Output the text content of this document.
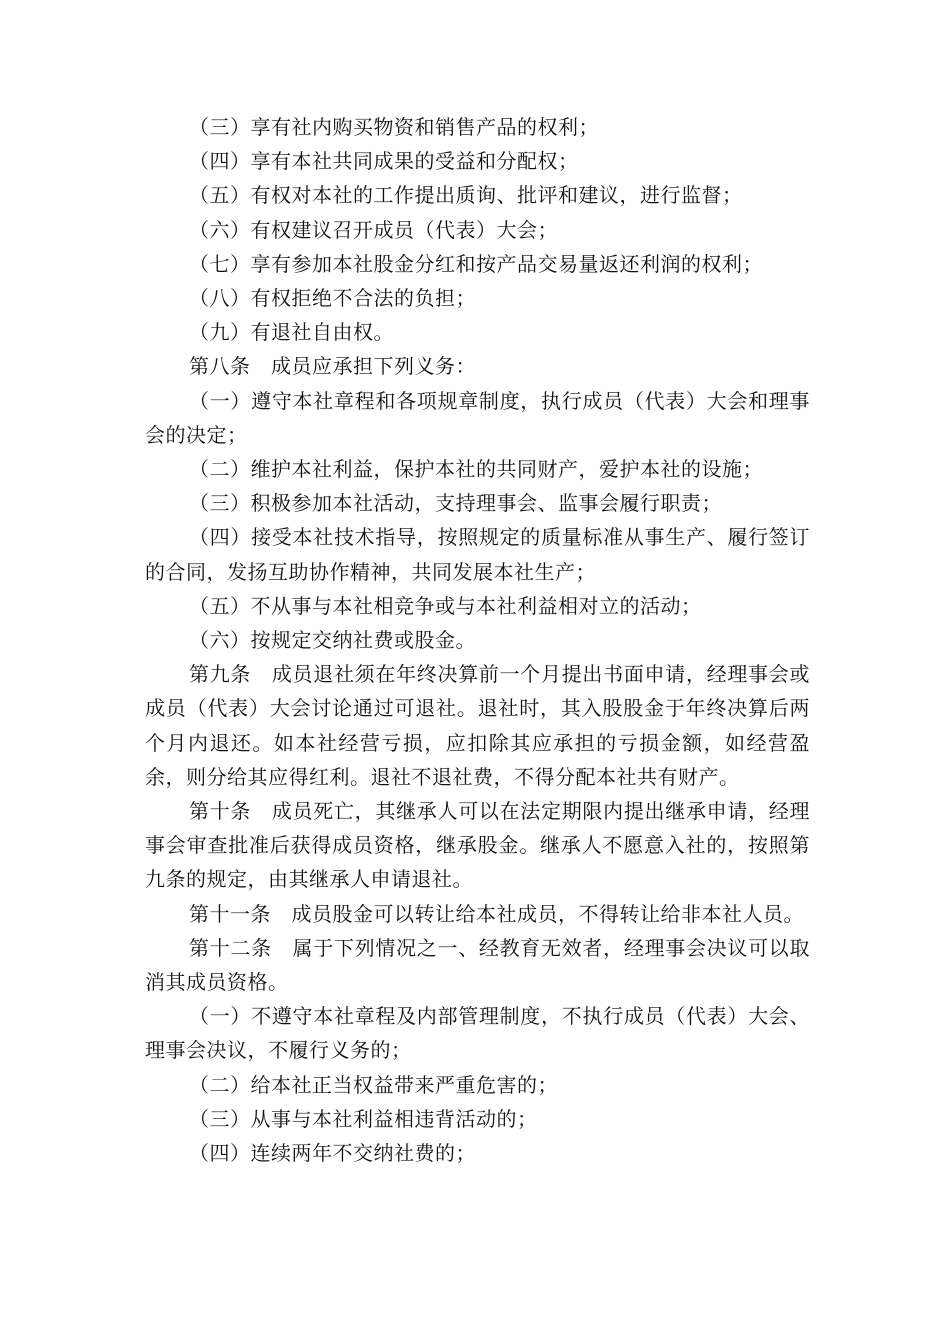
（三）享有社内购买物资和销售产品的权利；

（四）享有本社共同成果的受益和分配权；

（五）有权对本社的工作提出质询、批评和建议，进行监督；

（六）有权建议召开成员（代表）大会；

（七）享有参加本社股金分红和按产品交易量返还利润的权利；

（八）有权拒绝不合法的负担；

（九）有退社自由权。

第八条　成员应承担下列义务：

（一）遵守本社章程和各项规章制度，执行成员（代表）大会和理事会的决定；

（二）维护本社利益，保护本社的共同财产，爱护本社的设施；

（三）积极参加本社活动，支持理事会、监事会履行职责；

（四）接受本社技术指导，按照规定的质量标准从事生产、履行签订的合同，发扬互助协作精神，共同发展本社生产；

（五）不从事与本社相竞争或与本社利益相对立的活动；

（六）按规定交纳社费或股金。

第九条　成员退社须在年终决算前一个月提出书面申请，经理事会或成员（代表）大会讨论通过可退社。退社时，其入股股金于年终决算后两个月内退还。如本社经营亏损，应扣除其应承担的亏损金额，如经营盈余，则分给其应得红利。退社不退社费，不得分配本社共有财产。

第十条　成员死亡，其继承人可以在法定期限内提出继承申请，经理事会审查批准后获得成员资格，继承股金。继承人不愿意入社的，按照第九条的规定，由其继承人申请退社。

第十一条　成员股金可以转让给本社成员，不得转让给非本社人员。

第十二条　属于下列情况之一、经教育无效者，经理事会决议可以取消其成员资格。

（一）不遵守本社章程及内部管理制度，不执行成员（代表）大会、理事会决议，不履行义务的；

（二）给本社正当权益带来严重危害的；

（三）从事与本社利益相违背活动的；

（四）连续两年不交纳社费的；
